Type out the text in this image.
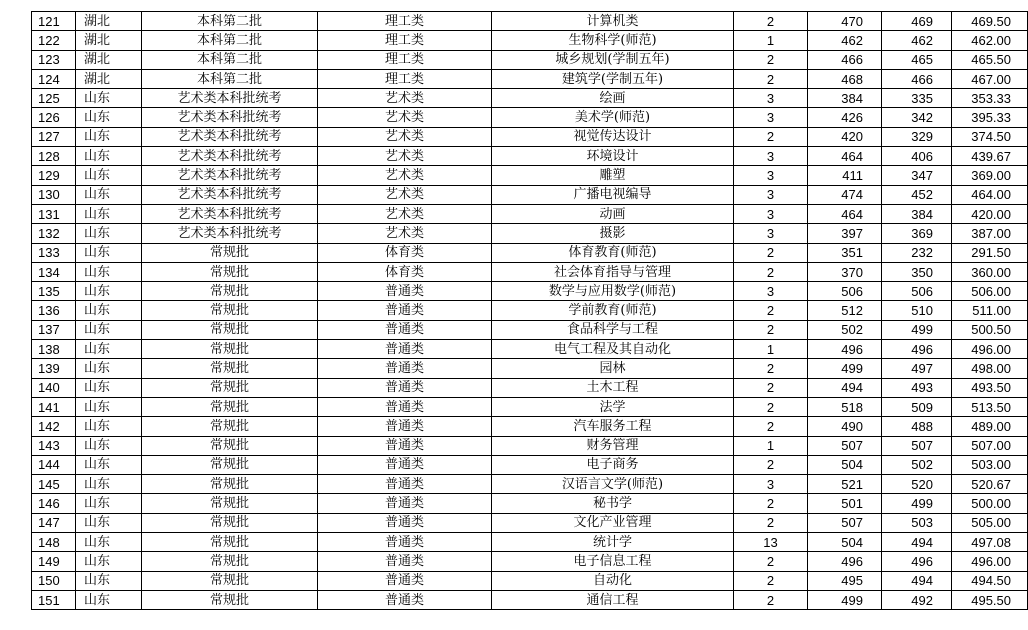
121	湖北	本科第二批	理工类	计算机类	2	470	469	469.50
122	湖北	本科第二批	理工类	生物科学(师范)	1	462	462	462.00
123	湖北	本科第二批	理工类	城乡规划(学制五年)	2	466	465	465.50
124	湖北	本科第二批	理工类	建筑学(学制五年)	2	468	466	467.00
125	山东	艺术类本科批统考	艺术类	绘画	3	384	335	353.33
126	山东	艺术类本科批统考	艺术类	美术学(师范)	3	426	342	395.33
127	山东	艺术类本科批统考	艺术类	视觉传达设计	2	420	329	374.50
128	山东	艺术类本科批统考	艺术类	环境设计	3	464	406	439.67
129	山东	艺术类本科批统考	艺术类	雕塑	3	411	347	369.00
130	山东	艺术类本科批统考	艺术类	广播电视编导	3	474	452	464.00
131	山东	艺术类本科批统考	艺术类	动画	3	464	384	420.00
132	山东	艺术类本科批统考	艺术类	摄影	3	397	369	387.00
133	山东	常规批	体育类	体育教育(师范)	2	351	232	291.50
134	山东	常规批	体育类	社会体育指导与管理	2	370	350	360.00
135	山东	常规批	普通类	数学与应用数学(师范)	3	506	506	506.00
136	山东	常规批	普通类	学前教育(师范)	2	512	510	511.00
137	山东	常规批	普通类	食品科学与工程	2	502	499	500.50
138	山东	常规批	普通类	电气工程及其自动化	1	496	496	496.00
139	山东	常规批	普通类	园林	2	499	497	498.00
140	山东	常规批	普通类	土木工程	2	494	493	493.50
141	山东	常规批	普通类	法学	2	518	509	513.50
142	山东	常规批	普通类	汽车服务工程	2	490	488	489.00
143	山东	常规批	普通类	财务管理	1	507	507	507.00
144	山东	常规批	普通类	电子商务	2	504	502	503.00
145	山东	常规批	普通类	汉语言文学(师范)	3	521	520	520.67
146	山东	常规批	普通类	秘书学	2	501	499	500.00
147	山东	常规批	普通类	文化产业管理	2	507	503	505.00
148	山东	常规批	普通类	统计学	13	504	494	497.08
149	山东	常规批	普通类	电子信息工程	2	496	496	496.00
150	山东	常规批	普通类	自动化	2	495	494	494.50
151	山东	常规批	普通类	通信工程	2	499	492	495.50
